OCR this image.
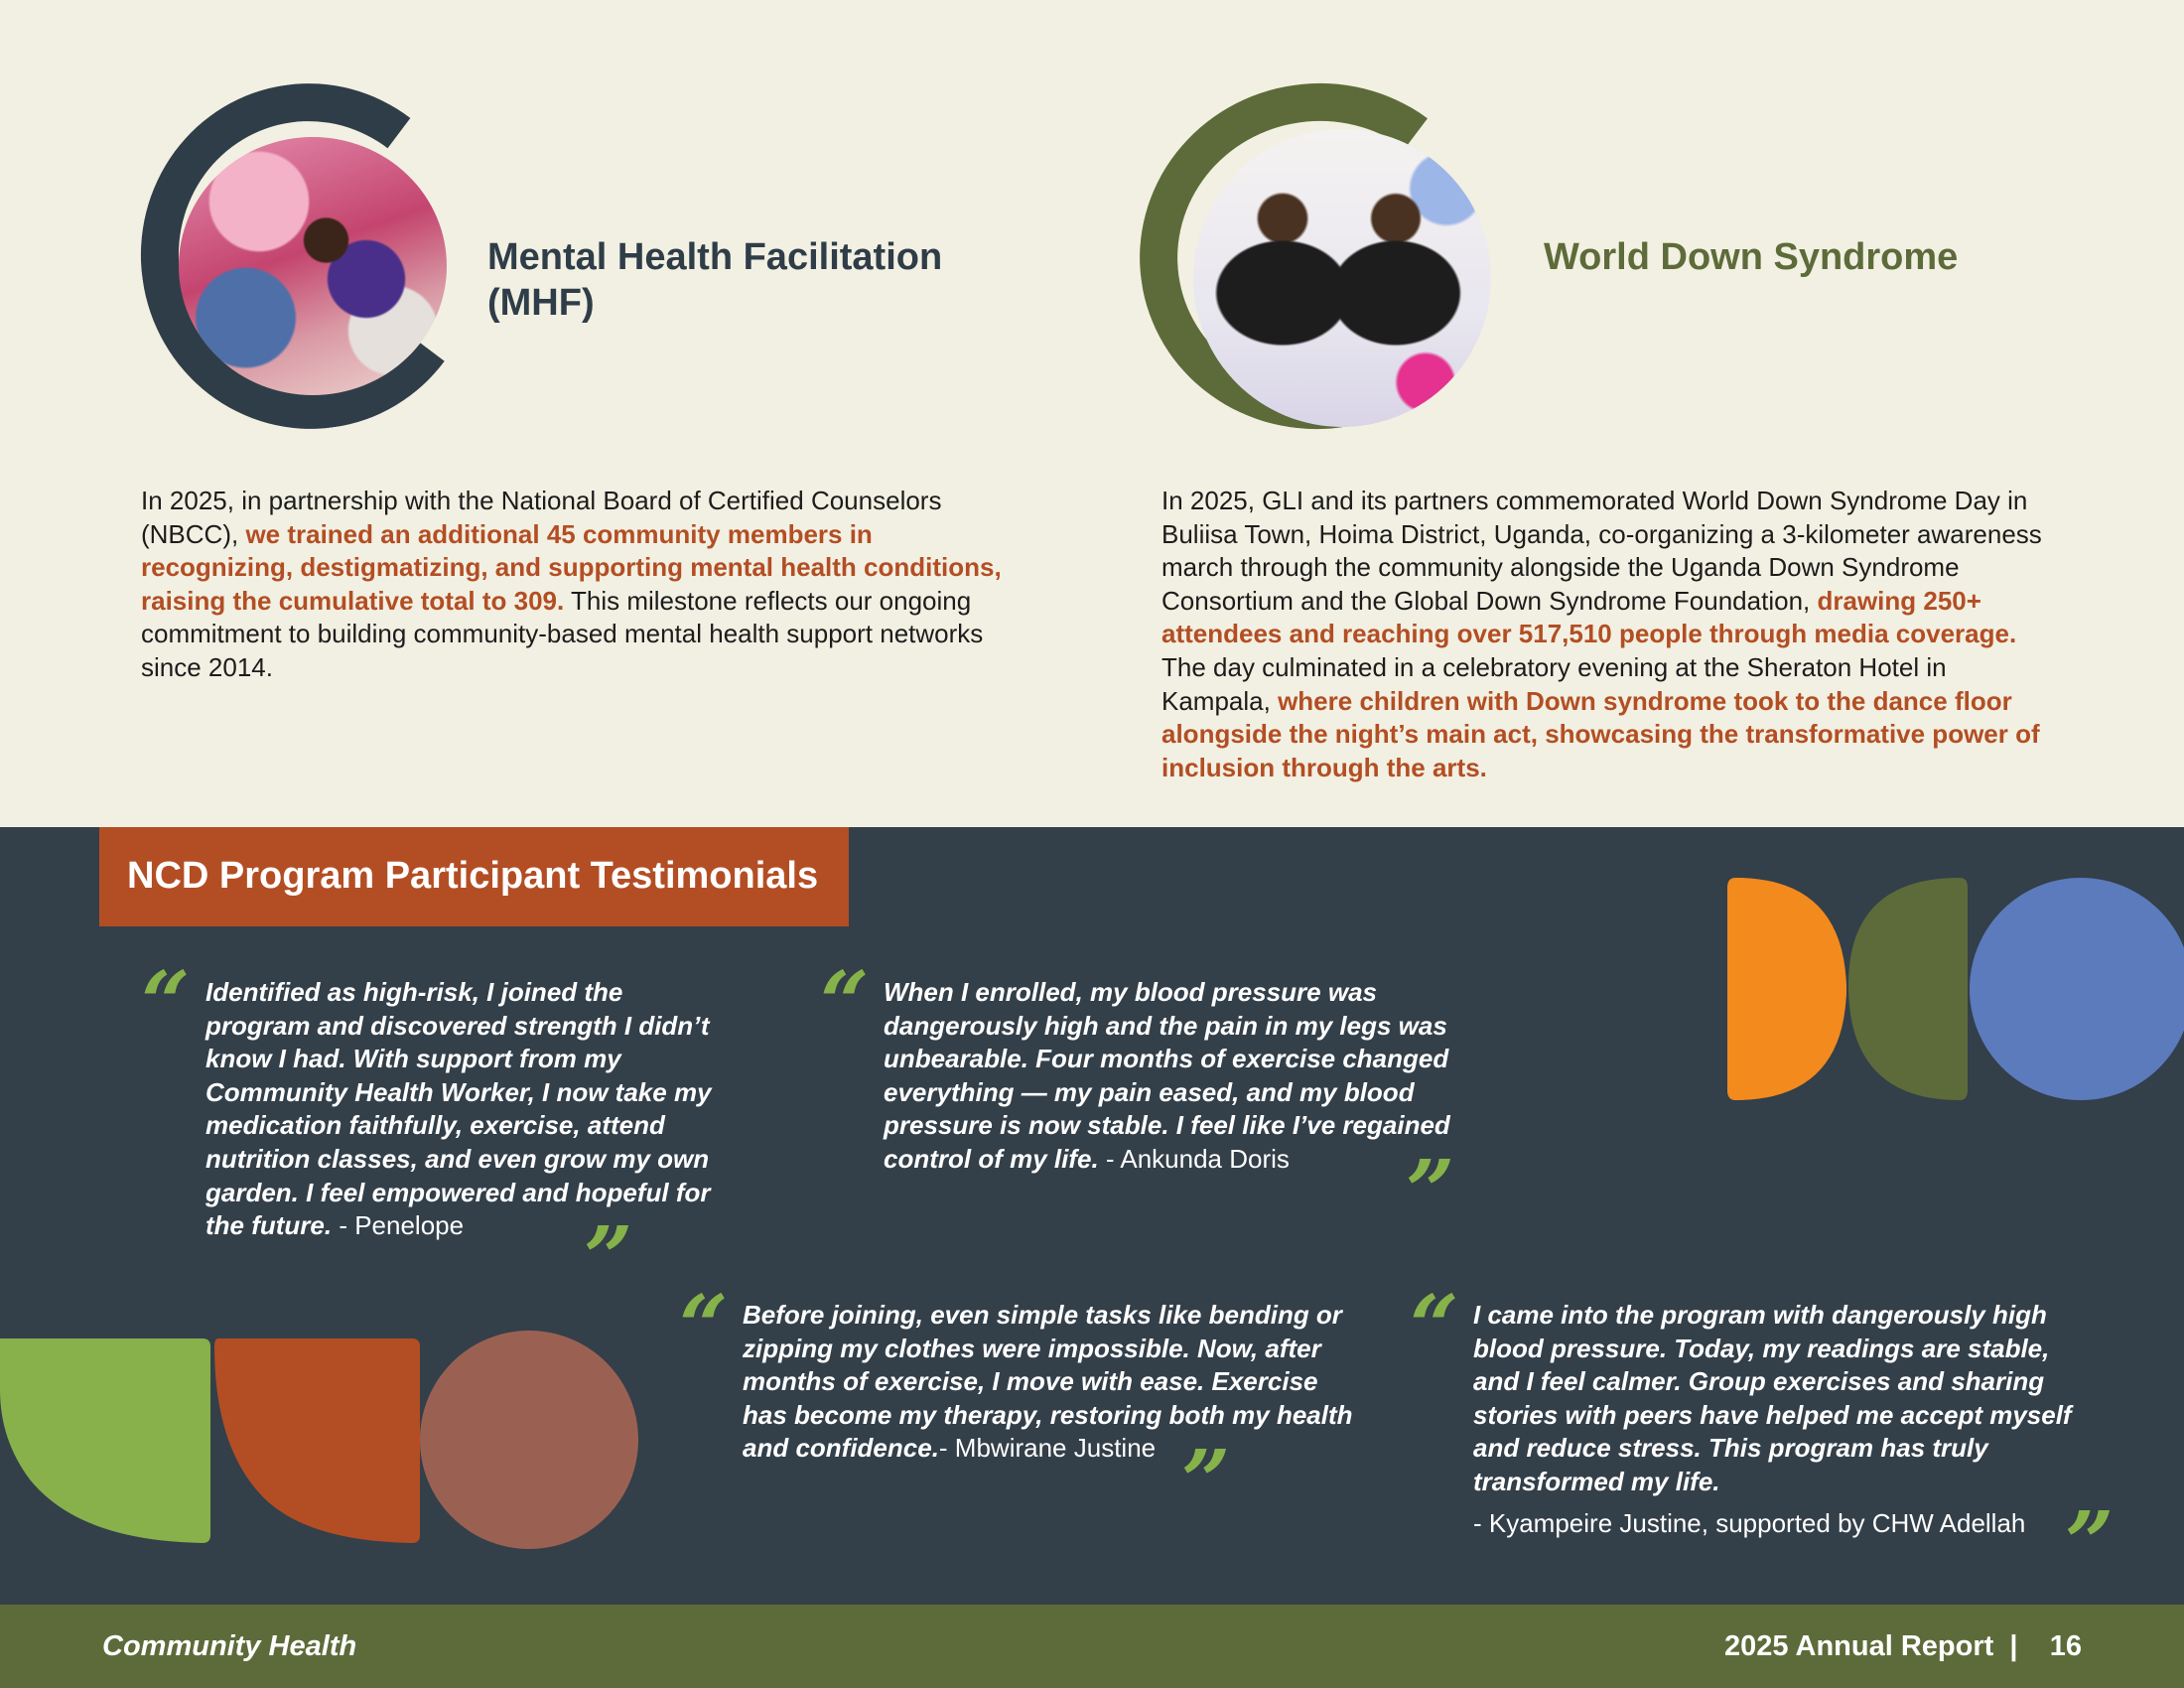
Mental Health Facilitation (MHF)

In 2025, in partnership with the National Board of Certified Counselors (NBCC), we trained an additional 45 community members in recognizing, destigmatizing, and supporting mental health conditions, raising the cumulative total to 309. This milestone reflects our ongoing commitment to building community-based mental health support networks since 2014.

World Down Syndrome

In 2025, GLI and its partners commemorated World Down Syndrome Day in Buliisa Town, Hoima District, Uganda, co-organizing a 3-kilometer awareness march through the community alongside the Uganda Down Syndrome Consortium and the Global Down Syndrome Foundation, drawing 250+ attendees and reaching over 517,510 people through media coverage. The day culminated in a celebratory evening at the Sheraton Hotel in Kampala, where children with Down syndrome took to the dance floor alongside the night’s main act, showcasing the transformative power of inclusion through the arts.

NCD Program Participant Testimonials
“ Identified as high-risk, I joined the program and discovered strength I didn’t know I had. With support from my Community Health Worker, I now take my medication faithfully, exercise, attend nutrition classes, and even grow my own garden. I feel empowered and hopeful for the future. - Penelope	”
“ When I enrolled, my blood pressure was dangerously high and the pain in my legs was unbearable. Four months of exercise changed everything — my pain eased, and my blood pressure is now stable. I feel like I’ve regained control of my life. - Ankunda Doris	”
“ Before joining, even simple tasks like bending or zipping my clothes were impossible. Now, after months of exercise, I move with ease. Exercise has become my therapy, restoring both my health and confidence.- Mbwirane Justine ”
“ I came into the program with dangerously high blood pressure. Today, my readings are stable, and I feel calmer. Group exercises and sharing stories with peers have helped me accept myself and reduce stress. This program has truly transformed my life.
- Kyampeire Justine, supported by CHW Adellah ”

Community Health	2025 Annual Report  |    16
